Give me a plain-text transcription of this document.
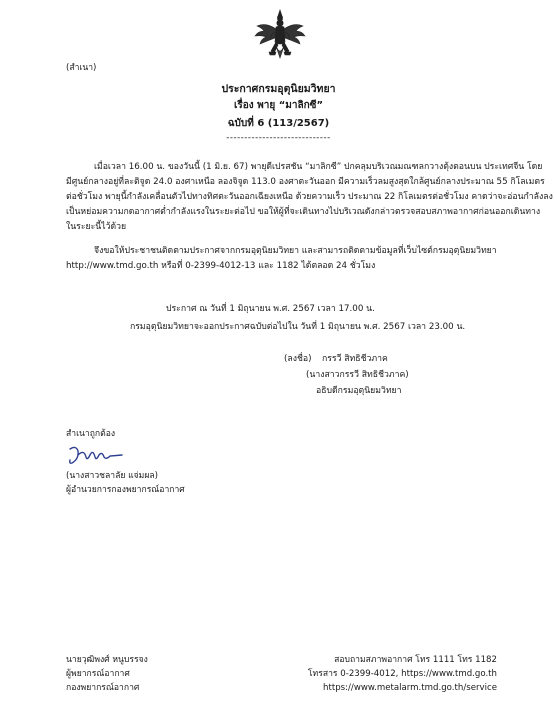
(สำเนา)
ประกาศกรมอุตุนิยมวิทยา
เรื่อง พายุ “มาลิกซี”
ฉบับที่ 6 (113/2567)
-----------------------------
เมื่อเวลา 16.00 น. ของวันนี้ (1 มิ.ย. 67) พายุดีเปรสชัน “มาลิกซี” ปกคลุมบริเวณมณฑลกวางตุ้งตอนบน ประเทศจีน โดย
มีศูนย์กลางอยู่ที่ละติจูด 24.0 องศาเหนือ ลองจิจูด 113.0 องศาตะวันออก มีความเร็วลมสูงสุดใกล้ศูนย์กลางประมาณ 55 กิโลเมตร
ต่อชั่วโมง พายุนี้กำลังเคลื่อนตัวไปทางทิศตะวันออกเฉียงเหนือ ด้วยความเร็ว ประมาณ 22 กิโลเมตรต่อชั่วโมง คาดว่าจะอ่อนกำลังลง
เป็นหย่อมความกดอากาศต่ำกำลังแรงในระยะต่อไป ขอให้ผู้ที่จะเดินทางไปบริเวณดังกล่าวตรวจสอบสภาพอากาศก่อนออกเดินทาง
ในระยะนี้ไว้ด้วย
จึงขอให้ประชาชนติดตามประกาศจากกรมอุตุนิยมวิทยา และสามารถติดตามข้อมูลที่เว็บไซต์กรมอุตุนิยมวิทยา
http://www.tmd.go.th หรือที่ 0-2399-4012-13 และ 1182 ได้ตลอด 24 ชั่วโมง
ประกาศ ณ วันที่ 1 มิถุนายน พ.ศ. 2567 เวลา 17.00 น.
กรมอุตุนิยมวิทยาจะออกประกาศฉบับต่อไปใน วันที่ 1 มิถุนายน พ.ศ. 2567 เวลา 23.00 น.
(ลงชื่อ) กรรวี สิทธิชีวภาค
(นางสาวกรรวี สิทธิชีวภาค)
อธิบดีกรมอุตุนิยมวิทยา
สำเนาถูกต้อง
(นางสาวชลาลัย แจ่มผล)
ผู้อำนวยการกองพยากรณ์อากาศ
นายวุฒิพงศ์ หนูบรรจง
ผู้พยากรณ์อากาศ
กองพยากรณ์อากาศ
สอบถามสภาพอากาศ โทร 1111 โทร 1182
โทรสาร 0-2399-4012, https://www.tmd.go.th
https://www.metalarm.tmd.go.th/service
